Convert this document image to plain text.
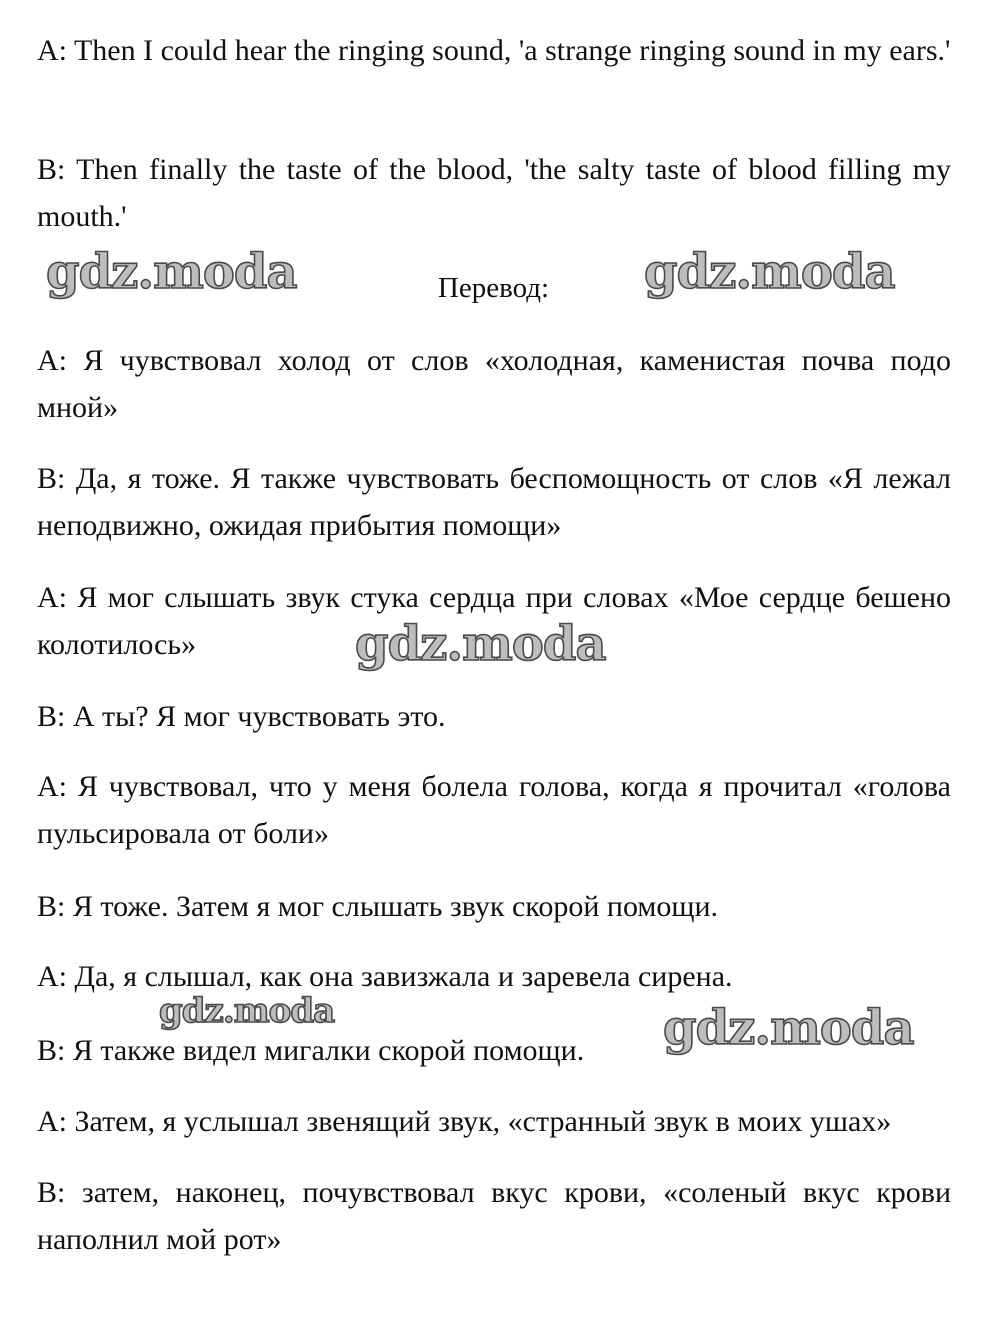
A: Then I could hear the ringing sound, 'a strange ringing sound in my ears.'

B: Then finally the taste of the blood, 'the salty taste of blood filling my mouth.'

Перевод:

A: Я чувствовал холод от слов «холодная, каменистая почва подо мной»

B: Да, я тоже. Я также чувствовать беспомощность от слов «Я лежал неподвижно, ожидая прибытия помощи»

A: Я мог слышать звук стука сердца при словах «Мое сердце бешено колотилось»

B: А ты? Я мог чувствовать это.

A: Я чувствовал, что у меня болела голова, когда я прочитал «голова пульсировала от боли»

B: Я тоже. Затем я мог слышать звук скорой помощи.

A: Да, я слышал, как она завизжала и заревела сирена.

B: Я также видел мигалки скорой помощи.

A: Затем, я услышал звенящий звук, «странный звук в моих ушах»

B: затем, наконец, почувствовал вкус крови, «соленый вкус крови наполнил мой рот»

gdz.moda	gdz.moda
gdz.moda
gdz.moda	gdz.moda
